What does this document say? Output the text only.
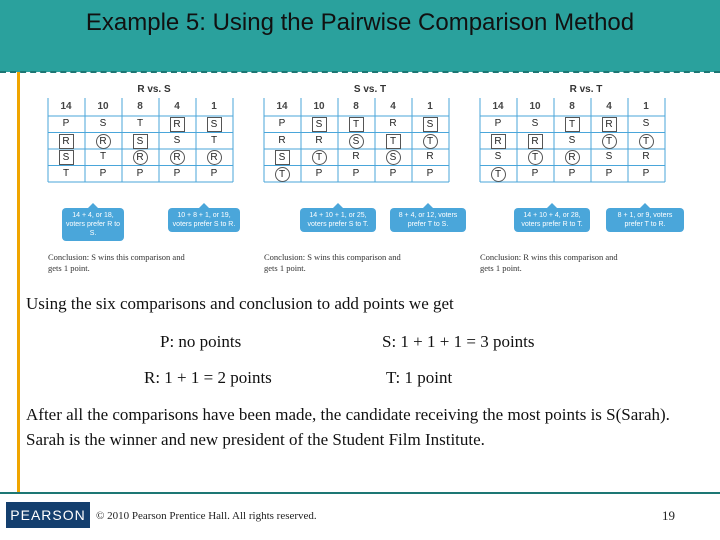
Example 5: Using the Pairwise Comparison Method
R vs. S
14	10	8	4	1
P	S	T	R	S
R	R	S	S	T
S	T	R	R	R
T	P	P	P	P
14 + 4, or 18, voters prefer R to S.
10 + 8 + 1, or 19, voters prefer S to R.
Conclusion: S wins this comparison and gets 1 point.
S vs. T
14	10	8	4	1
P	S	T	R	S
R	R	S	T	T
S	T	R	S	R
T	P	P	P	P
14 + 10 + 1, or 25, voters prefer S to T.
8 + 4, or 12, voters prefer T to S.
Conclusion: S wins this comparison and gets 1 point.
R vs. T
14	10	8	4	1
P	S	T	R	S
R	R	S	T	T
S	T	R	S	R
T	P	P	P	P
14 + 10 + 4, or 28, voters prefer R to T.
8 + 1, or 9, voters prefer T to R.
Conclusion: R wins this comparison and gets 1 point.
Using the six comparisons and conclusion to add points we get
P: no points	S: 1 + 1 + 1 = 3 points
R: 1 + 1 = 2 points	T: 1 point
After all the comparisons have been made, the candidate receiving the most points is S(Sarah). Sarah is the winner and new president of the Student Film Institute.
PEARSON © 2010 Pearson Prentice Hall. All rights reserved.	19
